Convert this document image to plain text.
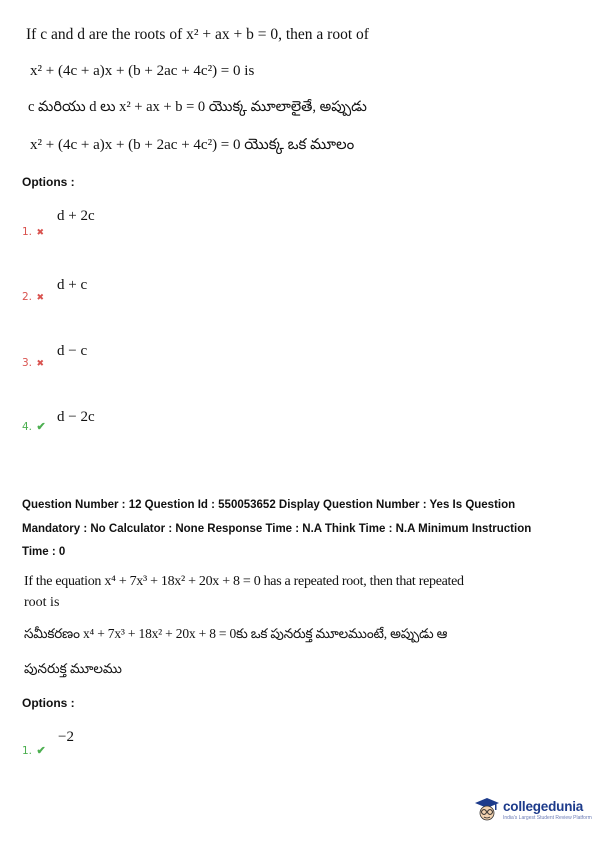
If c and d are the roots of x² + ax + b = 0, then a root of
x² + (4c + a)x + (b + 2ac + 4c²) = 0 is
c మరియు d లు x² + ax + b = 0 యొక్క మూలాలైతే, అప్పుడు
x² + (4c + a)x + (b + 2ac + 4c²) = 0 యొక్క ఒక మూలం
Options :
1. ✖
d + 2c
2. ✖
d + c
3. ✖
d − c
4. ✔
d − 2c
Question Number : 12 Question Id : 550053652 Display Question Number : Yes Is Question
Mandatory : No Calculator : None Response Time : N.A Think Time : N.A Minimum Instruction
Time : 0
If the equation x⁴ + 7x³ + 18x² + 20x + 8 = 0 has a repeated root, then that repeated
root is
సమీకరణం x⁴ + 7x³ + 18x² + 20x + 8 = 0కు ఒక పునరుక్త మూలముంటే, అప్పుడు ఆ
పునరుక్త మూలము
Options :
1. ✔
−2
collegedunia
India's Largest Student Review Platform
